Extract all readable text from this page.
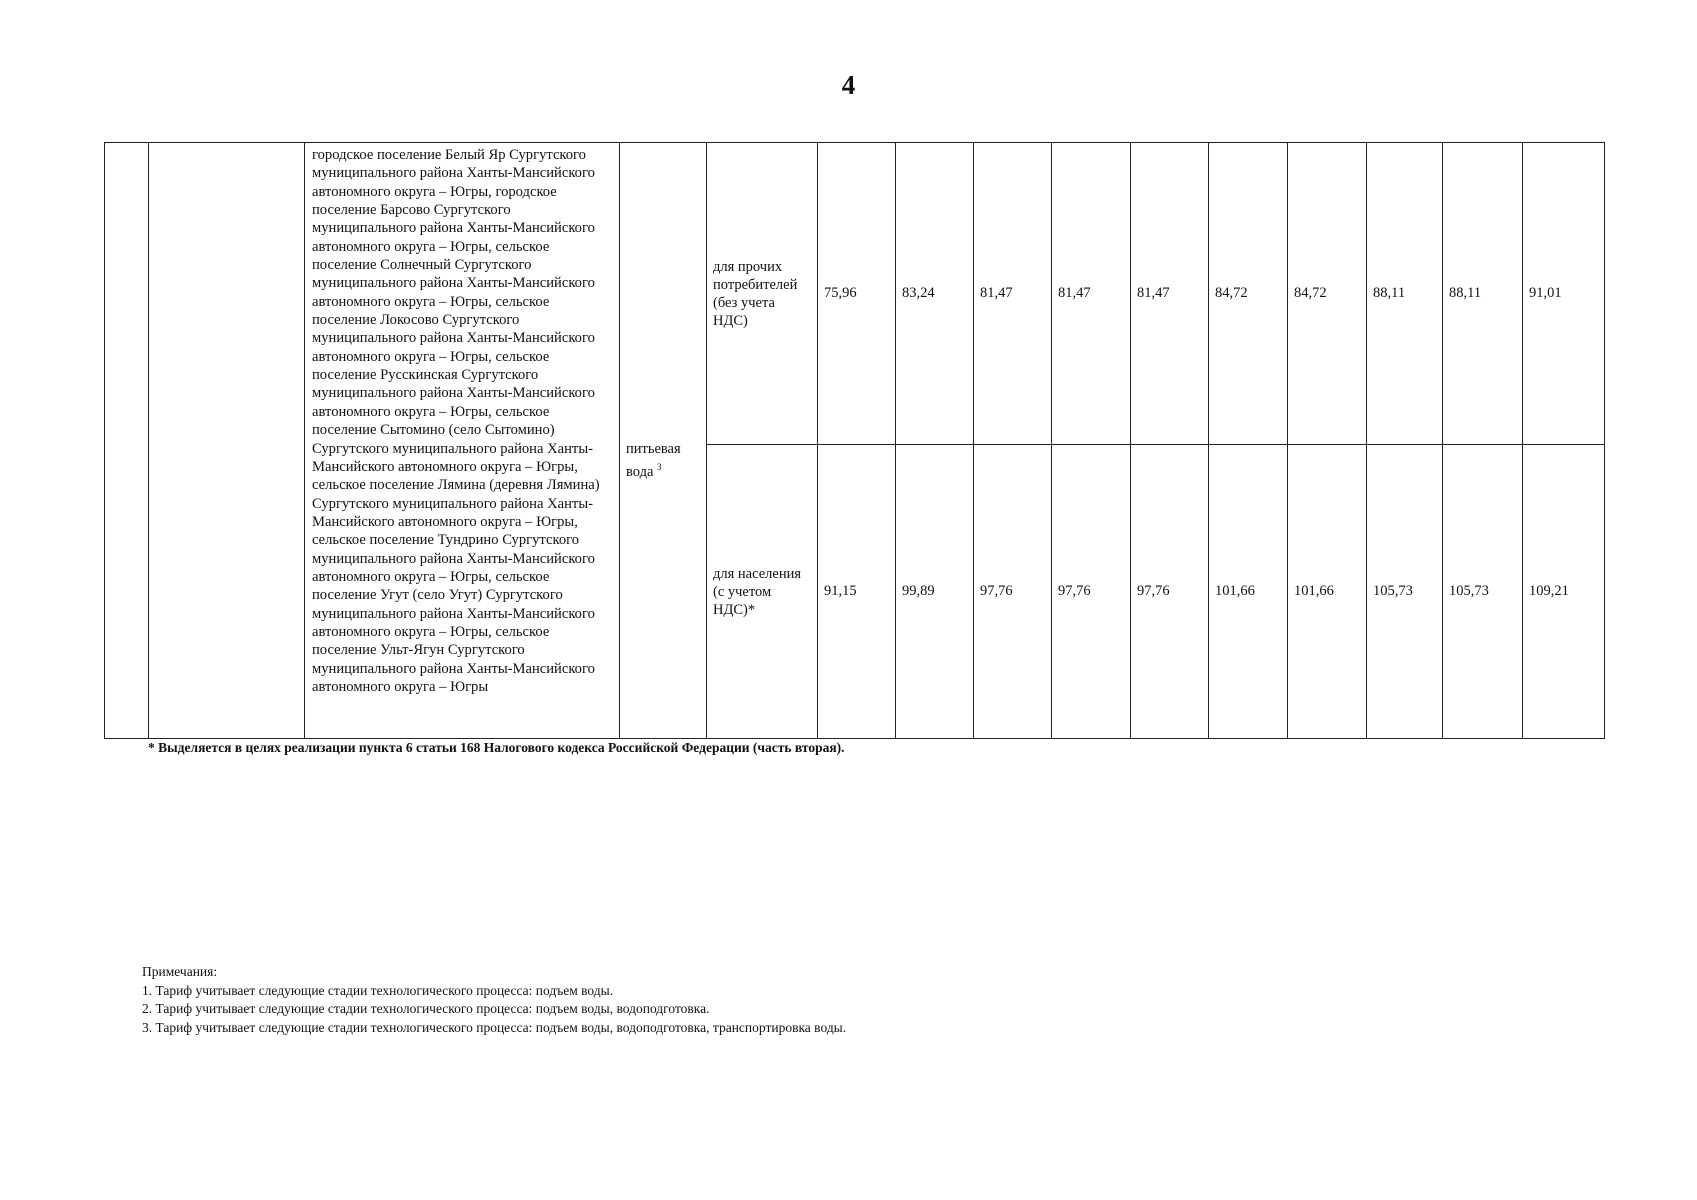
4
		городское поселение Белый Яр Сургутского муниципального района Ханты-Мансийского автономного округа – Югры, городское поселение Барсово Сургутского муниципального района Ханты-Мансийского автономного округа – Югры, сельское поселение Солнечный Сургутского муниципального района Ханты-Мансийского автономного округа – Югры, сельское поселение Локосово Сургутского муниципального района Ханты-Мансийского автономного округа – Югры, сельское поселение Русскинская Сургутского муниципального района Ханты-Мансийского автономного округа – Югры, сельское поселение Сытомино (село Сытомино) Сургутского муниципального района Ханты-Мансийского автономного округа – Югры, сельское поселение Лямина (деревня Лямина) Сургутского муниципального района Ханты-Мансийского автономного округа – Югры, сельское поселение Тундрино Сургутского муниципального района Ханты-Мансийского автономного округа – Югры, сельское поселение Угут (село Угут) Сургутского муниципального района Ханты-Мансийского автономного округа – Югры, сельское поселение Ульт-Ягун Сургутского муниципального района Ханты-Мансийского автономного округа – Югры	питьевая вода $^3$	для прочих потребителей (без учета НДС)	75,96	83,24	81,47	81,47	81,47	84,72	84,72	88,11	88,11	91,01
				для населения (с учетом НДС)*	91,15	99,89	97,76	97,76	97,76	101,66	101,66	105,73	105,73	109,21
* Выделяется в целях реализации пункта 6 статьи 168 Налогового кодекса Российской Федерации (часть вторая).
Примечания:
1. Тариф учитывает следующие стадии технологического процесса: подъем воды.
2. Тариф учитывает следующие стадии технологического процесса: подъем воды, водоподготовка.
3. Тариф учитывает следующие стадии технологического процесса: подъем воды, водоподготовка, транспортировка воды.
